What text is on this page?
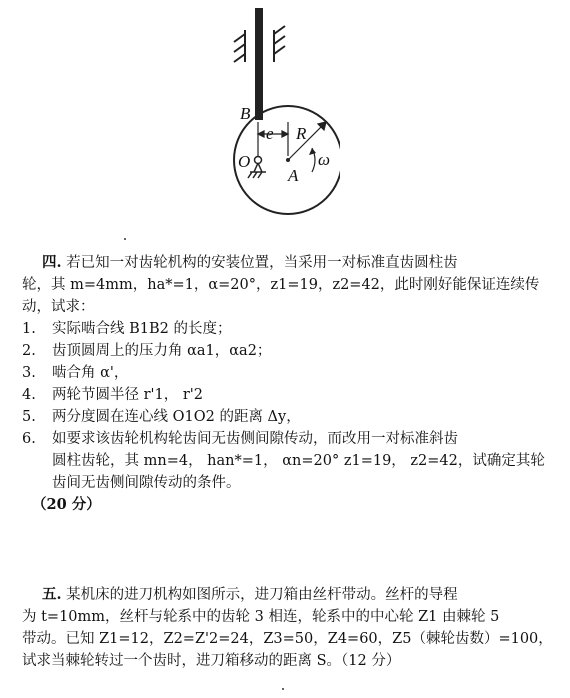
B
e R
A
O	ω
四. 若已知一对齿轮机构的安装位置，当采用一对标准直齿圆柱齿
轮，其 m=4mm，ha*=1，α=20°，z1=19，z2=42，此时刚好能保证连续传
动，试求：
1. 实际啮合线 B1B2 的长度；
2. 齿顶圆周上的压力角 αa1，αa2；
3. 啮合角 α'，
4. 两轮节圆半径 r'1， r'2
5. 两分度圆在连心线 O1O2 的距离 Δy，
6. 如要求该齿轮机构轮齿间无齿侧间隙传动，而改用一对标准斜齿
圆柱齿轮，其 mn=4， han*=1， αn=20° z1=19， z2=42，试确定其轮
齿间无齿侧间隙传动的条件。
（20 分）
五. 某机床的进刀机构如图所示，进刀箱由丝杆带动。丝杆的导程
为 t=10mm，丝杆与轮系中的齿轮 3 相连，轮系中的中心轮 Z1 由棘轮 5
带动。已知 Z1=12，Z2=Z'2=24，Z3=50，Z4=60，Z5（棘轮齿数）=100，
试求当棘轮转过一个齿时，进刀箱移动的距离 S。（12 分）
